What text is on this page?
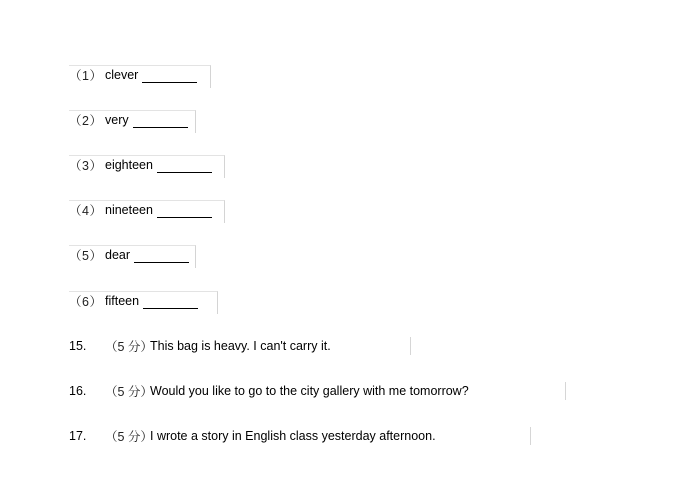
（1） clever
（2） very
（3） eighteen
（4） nineteen
（5） dear
（6） fifteen
15.	（5 分）
This bag is heavy. I can't carry it.
16.	（5 分）
Would you like to go to the city gallery with me tomorrow?
17.	（5 分）
I wrote a story in English class yesterday afternoon.
